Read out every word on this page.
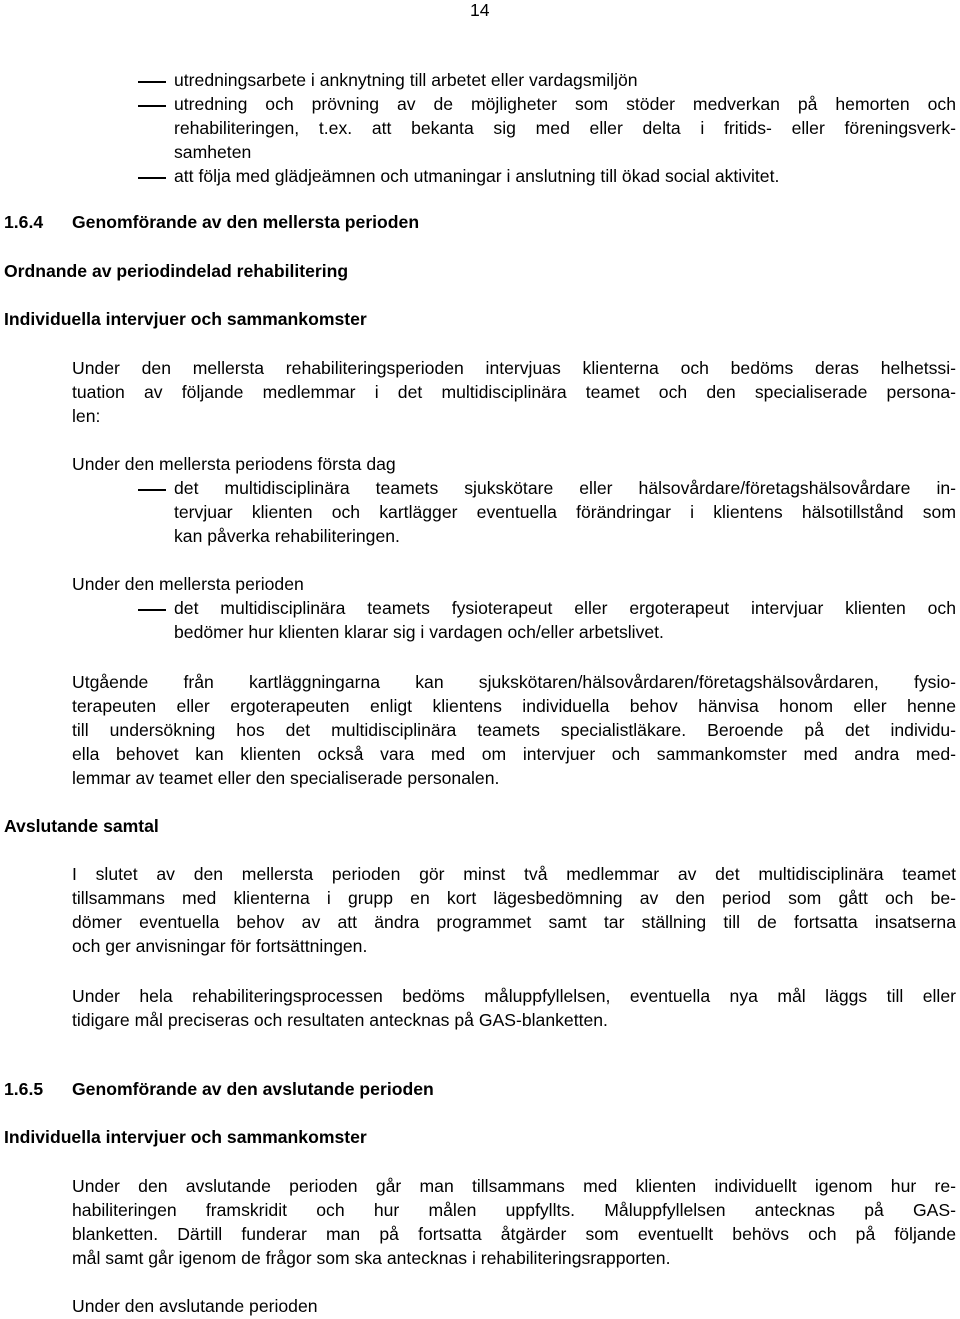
14
utredningsarbete i anknytning till arbetet eller vardagsmiljön
utredning och prövning av de möjligheter som stöder medverkan på hemorten och
rehabiliteringen, t.ex. att bekanta sig med eller delta i fritids- eller föreningsverk-
samheten
att följa med glädjeämnen och utmaningar i anslutning till ökad social aktivitet.
1.6.4 Genomförande av den mellersta perioden
Ordnande av periodindelad rehabilitering
Individuella intervjuer och sammankomster
Under den mellersta rehabiliteringsperioden intervjuas klienterna och bedöms deras helhetssi-
tuation av följande medlemmar i det multidisciplinära teamet och den specialiserade persona-
len:
Under den mellersta periodens första dag
det multidisciplinära teamets sjukskötare eller hälsovårdare/företagshälsovårdare in-
tervjuar klienten och kartlägger eventuella förändringar i klientens hälsotillstånd som
kan påverka rehabiliteringen.
Under den mellersta perioden
det multidisciplinära teamets fysioterapeut eller ergoterapeut intervjuar klienten och
bedömer hur klienten klarar sig i vardagen och/eller arbetslivet.
Utgående från kartläggningarna kan sjukskötaren/hälsovårdaren/företagshälsovårdaren, fysio-
terapeuten eller ergoterapeuten enligt klientens individuella behov hänvisa honom eller henne
till undersökning hos det multidisciplinära teamets specialistläkare. Beroende på det individu-
ella behovet kan klienten också vara med om intervjuer och sammankomster med andra med-
lemmar av teamet eller den specialiserade personalen.
Avslutande samtal
I slutet av den mellersta perioden gör minst två medlemmar av det multidisciplinära teamet
tillsammans med klienterna i grupp en kort lägesbedömning av den period som gått och be-
dömer eventuella behov av att ändra programmet samt tar ställning till de fortsatta insatserna
och ger anvisningar för fortsättningen.
Under hela rehabiliteringsprocessen bedöms måluppfyllelsen, eventuella nya mål läggs till eller
tidigare mål preciseras och resultaten antecknas på GAS-blanketten.
1.6.5 Genomförande av den avslutande perioden
Individuella intervjuer och sammankomster
Under den avslutande perioden går man tillsammans med klienten individuellt igenom hur re-
habiliteringen framskridit och hur målen uppfyllts. Måluppfyllelsen antecknas på GAS-
blanketten. Därtill funderar man på fortsatta åtgärder som eventuellt behövs och på följande
mål samt går igenom de frågor som ska antecknas i rehabiliteringsrapporten.
Under den avslutande perioden
